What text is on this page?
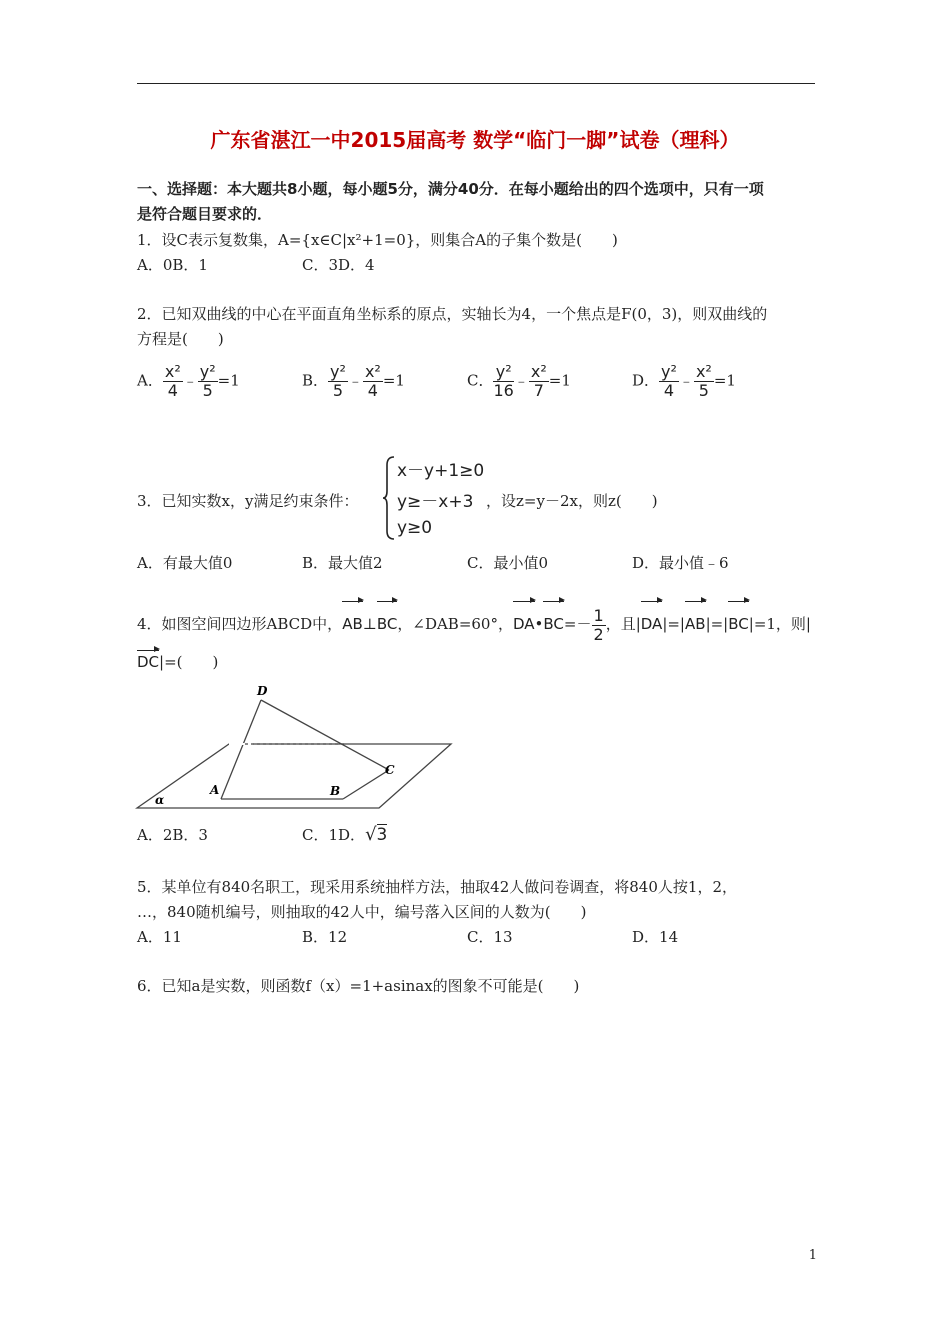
广东省湛江一中2015届高考 数学“临门一脚”试卷（理科）
一、选择题：本大题共8小题，每小题5分，满分40分．在每小题给出的四个选项中，只有一项
是符合题目要求的．
1．设C表示复数集，A={x∈C|x²+1=0}，则集合A的子集个数是(　　)
A．0B．1	C．3D．4
2．已知双曲线的中心在平面直角坐标系的原点，实轴长为4，一个焦点是F(0，3)，则双曲线的
方程是(　　)
A． $\frac{\text{x²}}{4}$ ﹣ $\frac{\text{y²}}{5} =1$	B． $\frac{\text{y²}}{5}$ ﹣ $\frac{\text{x²}}{4} =1$	C． $\frac{\text{y²}}{16}$ ﹣ $\frac{\text{x²}}{7} =1$	D． $\frac{\text{y²}}{4}$ ﹣ $\frac{\text{x²}}{5} =1$
3．已知实数x，y满足约束条件：
x－y+1≥0
y≥－x+3
y≥0
，设z=y－2x，则z(　　)
A．有最大值0	B．最大值2	C．最小值0	D．最小值﹣6
4．如图空间四边形ABCD中，AB⊥BC，∠DAB=60°，DA•BC=－ $\frac{1}{2}$ ，且|DA|=|AB|=|BC|=1，则|
DC|=(　　)
D
A	B
C
α
A．2B．3	C．1D．√3
5．某单位有840名职工，现采用系统抽样方法，抽取42人做问卷调查，将840人按1，2，
…，840随机编号，则抽取的42人中，编号落入区间的人数为(　　)
A．11	B．12	C．13	D．14
6．已知a是实数，则函数f（x）=1+asinax的图象不可能是(　　)
1
